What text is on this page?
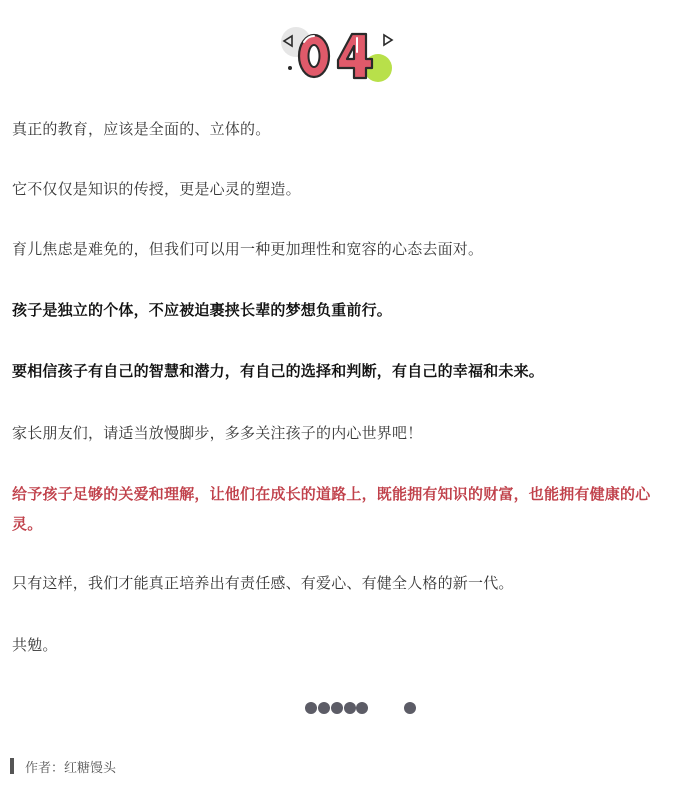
真正的教育，应该是全面的、立体的。

它不仅仅是知识的传授，更是心灵的塑造。

育儿焦虑是难免的，但我们可以用一种更加理性和宽容的心态去面对。

孩子是独立的个体，不应被迫裹挟长辈的梦想负重前行。

要相信孩子有自己的智慧和潜力，有自己的选择和判断，有自己的幸福和未来。

家长朋友们，请适当放慢脚步，多多关注孩子的内心世界吧！

给予孩子足够的关爱和理解，让他们在成长的道路上，既能拥有知识的财富，也能拥有健康的心灵。

只有这样，我们才能真正培养出有责任感、有爱心、有健全人格的新一代。

共勉。

作者：红糖馒头
